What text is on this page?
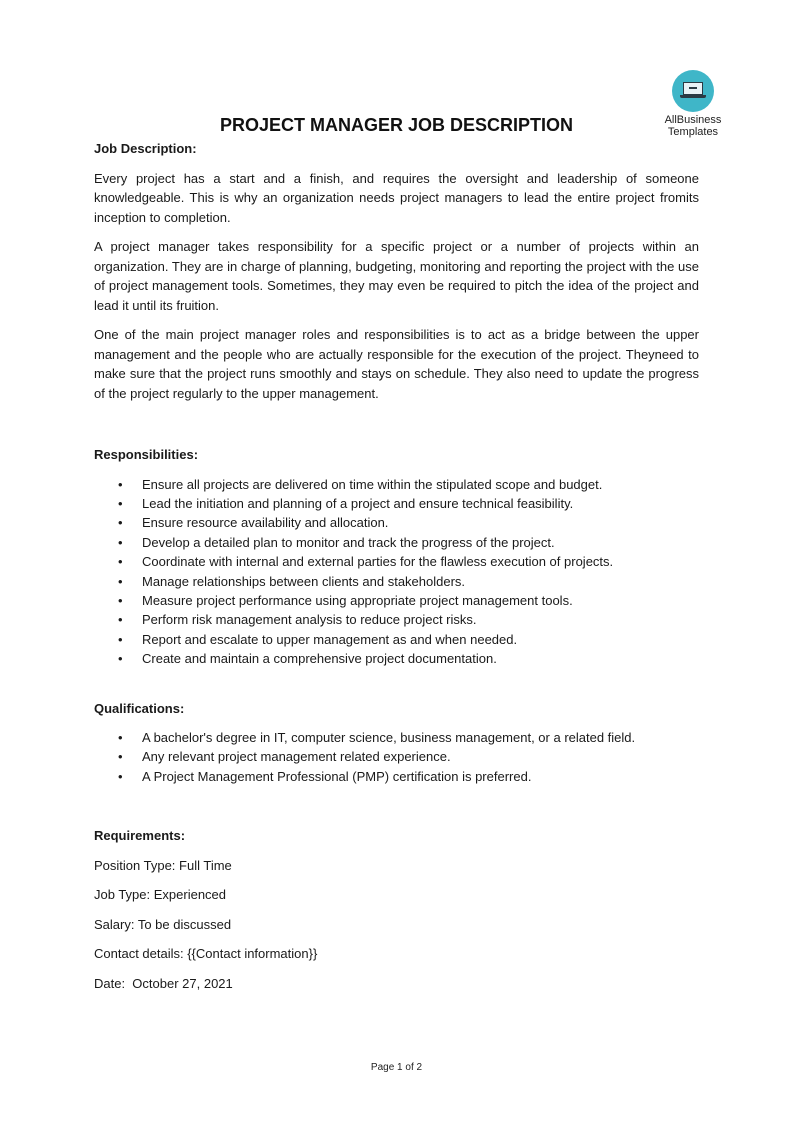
AllBusiness
Templates
PROJECT MANAGER JOB DESCRIPTION

Job Description:

Every project has a start and a finish, and requires the oversight and leadership of someone knowledgeable. This is why an organization needs project managers to lead the entire project fromits inception to completion.

A project manager takes responsibility for a specific project or a number of projects within an organization. They are in charge of planning, budgeting, monitoring and reporting the project with the use of project management tools. Sometimes, they may even be required to pitch the idea of the project and lead it until its fruition.

One of the main project manager roles and responsibilities is to act as a bridge between the upper management and the people who are actually responsible for the execution of the project. Theyneed to make sure that the project runs smoothly and stays on schedule. They also need to update the progress of the project regularly to the upper management.

Responsibilities:

• Ensure all projects are delivered on time within the stipulated scope and budget.
• Lead the initiation and planning of a project and ensure technical feasibility.
• Ensure resource availability and allocation.
• Develop a detailed plan to monitor and track the progress of the project.
• Coordinate with internal and external parties for the flawless execution of projects.
• Manage relationships between clients and stakeholders.
• Measure project performance using appropriate project management tools.
• Perform risk management analysis to reduce project risks.
• Report and escalate to upper management as and when needed.
• Create and maintain a comprehensive project documentation.

Qualifications:

• A bachelor's degree in IT, computer science, business management, or a related field.
• Any relevant project management related experience.
• A Project Management Professional (PMP) certification is preferred.

Requirements:

Position Type: Full Time

Job Type: Experienced

Salary: To be discussed

Contact details: {{Contact information}}

Date:  October 27, 2021

Page 1 of 2
